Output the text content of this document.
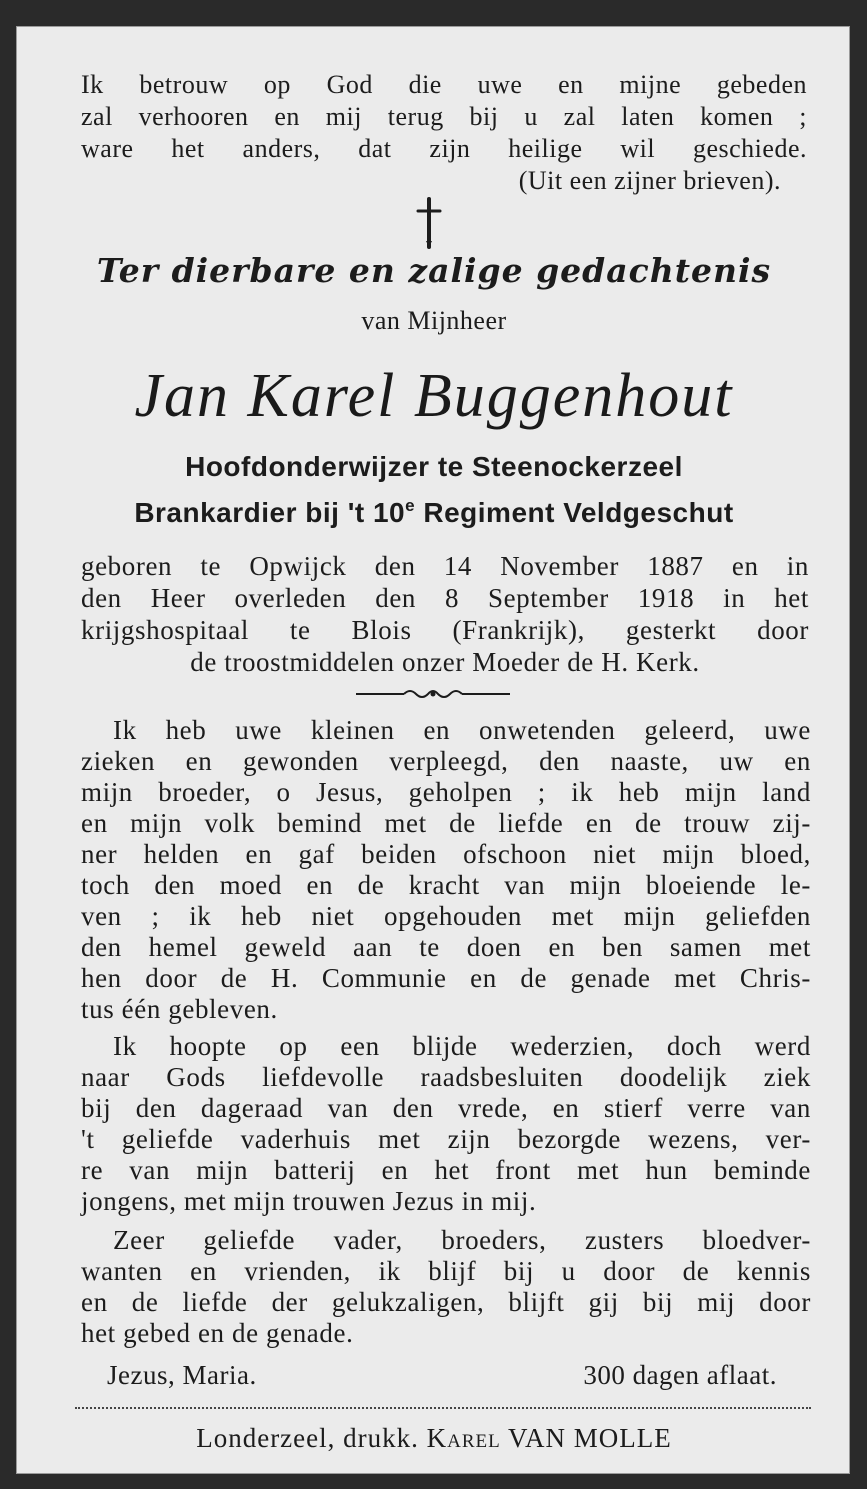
Ik betrouw op God die uwe en mijne gebeden

zal verhooren en mij terug bij u zal laten komen ;

ware het anders, dat zijn heilige wil geschiede.

(Uit een zijner brieven).

Ter dierbare en zalige gedachtenis

van Mijnheer

Jan Karel Buggenhout

Hoofdonderwijzer te Steenockerzeel

Brankardier bij 't 10e Regiment Veldgeschut

geboren te Opwijck den 14 November 1887 en in

den Heer overleden den 8 September 1918 in het

krijgshospitaal te Blois (Frankrijk), gesterkt door

de troostmiddelen onzer Moeder de H. Kerk.

Ik heb uwe kleinen en onwetenden geleerd, uwe

zieken en gewonden verpleegd, den naaste, uw en

mijn broeder, o Jesus, geholpen ; ik heb mijn land

en mijn volk bemind met de liefde en de trouw zij-

ner helden en gaf beiden ofschoon niet mijn bloed,

toch den moed en de kracht van mijn bloeiende le-

ven ; ik heb niet opgehouden met mijn geliefden

den hemel geweld aan te doen en ben samen met

hen door de H. Communie en de genade met Chris-

tus één gebleven.

Ik hoopte op een blijde wederzien, doch werd

naar Gods liefdevolle raadsbesluiten doodelijk ziek

bij den dageraad van den vrede, en stierf verre van

't geliefde vaderhuis met zijn bezorgde wezens, ver-

re van mijn batterij en het front met hun beminde

jongens, met mijn trouwen Jezus in mij.

Zeer geliefde vader, broeders, zusters bloedver-

wanten en vrienden, ik blijf bij u door de kennis

en de liefde der gelukzaligen, blijft gij bij mij door

het gebed en de genade.

Jezus, Maria.	300 dagen aflaat.

Londerzeel, drukk. Karel VAN MOLLE
